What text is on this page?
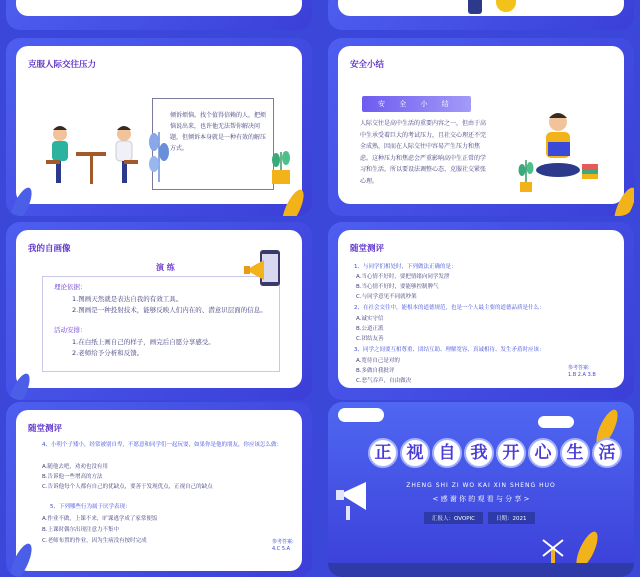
克服人际交往压力
倾诉烦恼。找个值得信赖的人，把烦恼说出来，也许他无法帮你解决问题，但倾诉本身就是一种有效的解压方式。
安全小结
安 全 小 结
人际交往是高中生活的重要内容之一，但由于高中生承受着巨大的考试压力，且社交心理还不完全成熟，因而在人际交往中容易产生压力和焦虑。这种压力和焦虑会严重影响高中生正常的学习和生活，所以要设法调整心态、克服社交紧张心理。
我的自画像
演 练
理论依据：
1.图画天然就是表达自我的有效工具。
2.图画是一种投射技术，能够反映人们内在的、潜意识层面的信息。
活动安排：
1.在白纸上画自己的样子，画完后自愿分享感受。
2.老师给予分析和反馈。
随堂测评
1、与同学们相处时，下列做法正确的是：
A.当心情不好时，要把情绪向同学发泄
B.当心情不好时，要能够控制脾气
C.与同学意见不同就吵架
2、在社会交往中，能根本的道德规范，也是一个人最主要的道德品质是什么：
A.诚实守信
B.公道正派
C.团结友善
3、同学之间要互相尊重、团结互助、理解宽容、真诚相待、发生矛盾时应该：
A.宽待自己是对的
B.多做自我批评
C.恶气吞声，自由做决
参考答案:
1.B 2.A 3.B
随堂测评
4、小明个子矮小，经常被别自卑，不愿意和同学们一起玩耍，如果你是他的朋友，你应该怎么做：
A.随他去吧，劝劝也没有用
B.告诉他一些增高的方法
C.告诉他每个人都有自己的优缺点，要善于发现优点，正视自己的缺点
5、下列哪些行为属于厌学表现：
A.作业不做，上课不来，旷课逃学成了家常便饭
B.上课时偶尔出现注意力不集中
C.老师布置的作业，因为生病没有按时完成	参考答案:
4.C 5.A
正 视 自 我 开 心 生 活
ZHENG SHI ZI WO KAI XIN SHENG HUO
< 感 谢 你 的 观 看 与 分 享 >
汇报人：OVOPIC	日期：2021
